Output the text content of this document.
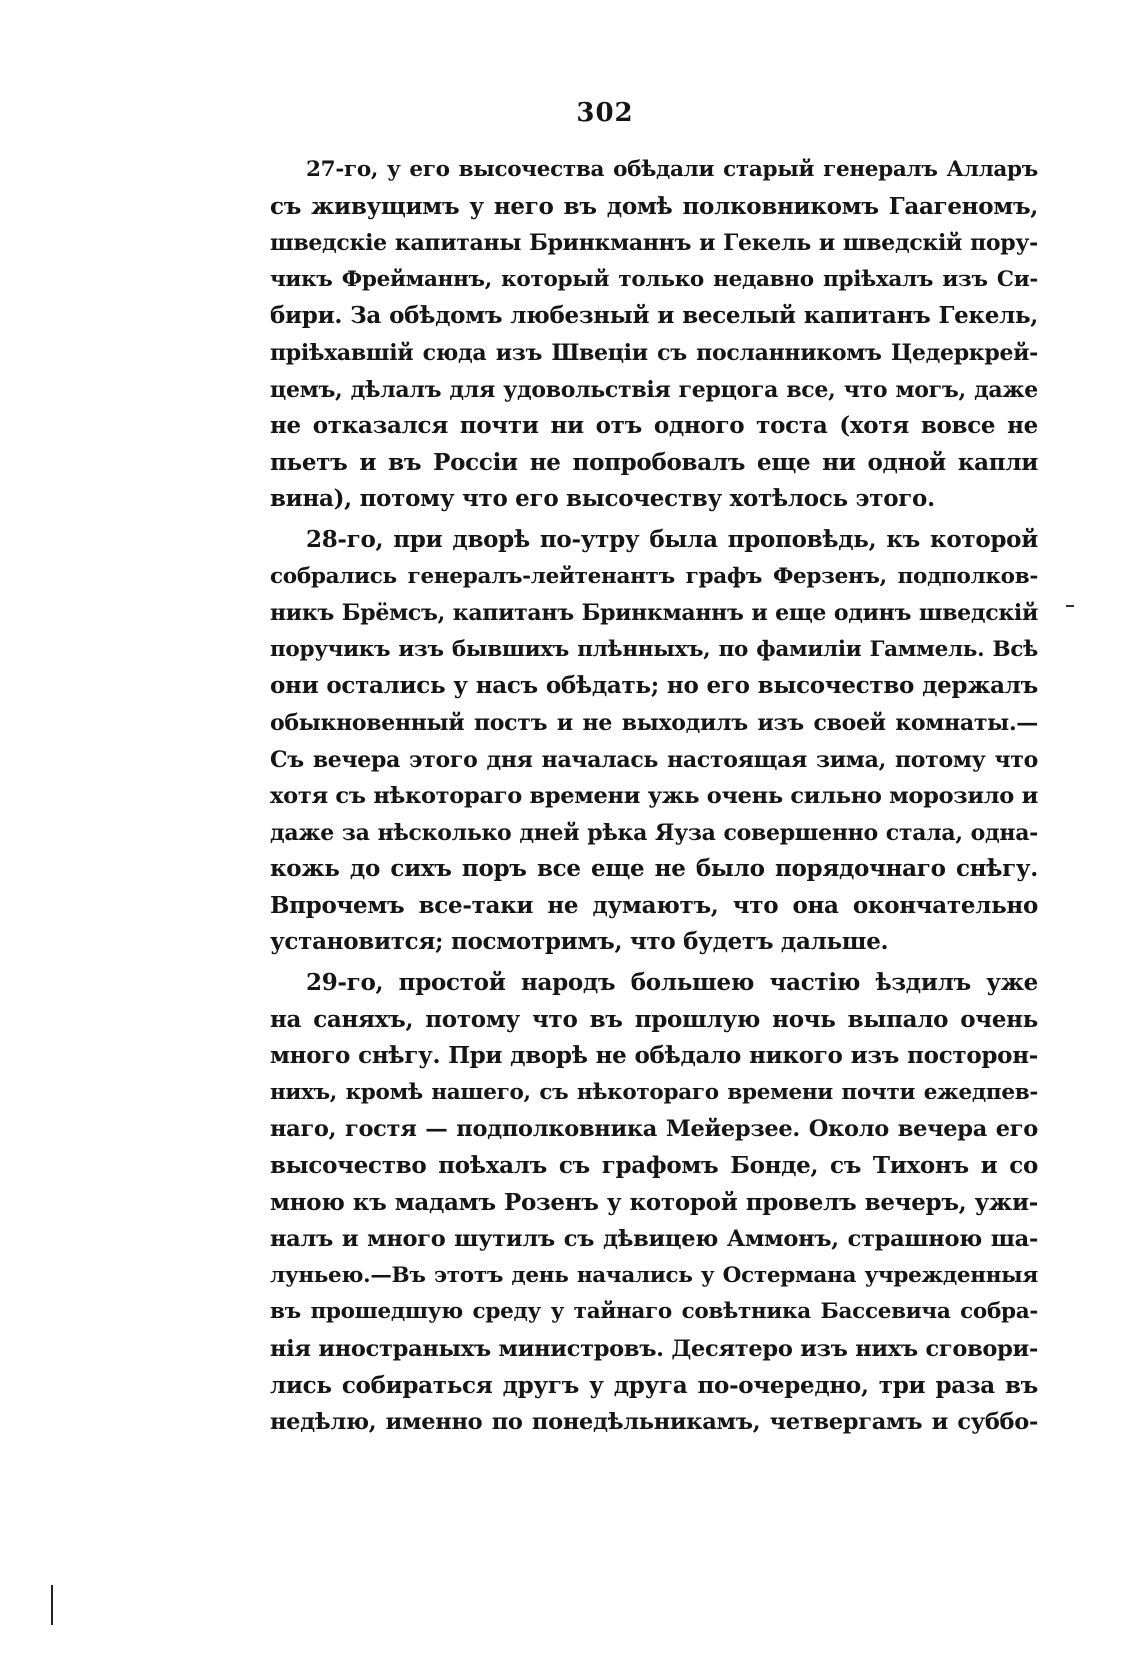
302
27-го, у его высочества обѣдали старый генералъ Алларъ
съ живущимъ у него въ домѣ полковникомъ Гаагеномъ,
шведскіе капитаны Бринкманнъ и Гекель и шведскій пору-
чикъ Фрейманнъ, который только недавно пріѣхалъ изъ Си-
бири. За обѣдомъ любезный и веселый капитанъ Гекель,
пріѣхавшій сюда изъ Швеціи съ посланникомъ Цедеркрей-
цемъ, дѣлалъ для удовольствія герцога все, что могъ, даже
не отказался почти ни отъ одного тоста (хотя вовсе не
пьетъ и въ Россіи не попробовалъ еще ни одной капли
вина), потому что его высочеству хотѣлось этого.
28-го, при дворѣ по-утру была проповѣдь, къ которой
собрались генералъ-лейтенантъ графъ Ферзенъ, подполков-
никъ Брёмсъ, капитанъ Бринкманнъ и еще одинъ шведскій
поручикъ изъ бывшихъ плѣнныхъ, по фамиліи Гаммель. Всѣ
они остались у насъ обѣдать; но его высочество держалъ
обыкновенный постъ и не выходилъ изъ своей комнаты.—
Съ вечера этого дня началась настоящая зима, потому что
хотя съ нѣкотораго времени ужь очень сильно морозило и
даже за нѣсколько дней рѣка Яуза совершенно стала, одна-
кожь до сихъ поръ все еще не было порядочнаго снѣгу.
Впрочемъ все-таки не думаютъ, что она окончательно
установится; посмотримъ, что будетъ дальше.
29-го, простой народъ большею частію ѣздилъ уже
на саняхъ, потому что въ прошлую ночь выпало очень
много снѣгу. При дворѣ не обѣдало никого изъ посторон-
нихъ, кромѣ нашего, съ нѣкотораго времени почти ежедпев-
наго, гостя — подполковника Мейерзее. Около вечера его
высочество поѣхалъ съ графомъ Бонде, съ Тихонъ и со
мною къ мадамъ Розенъ у которой провелъ вечеръ, ужи-
налъ и много шутилъ съ дѣвицею Аммонъ, страшною ша-
луньею.—Въ этотъ день начались у Остермана учрежденныя
въ прошедшую среду у тайнаго совѣтника Бассевича собра-
нія иностраныхъ министровъ. Десятеро изъ нихъ сговори-
лись собираться другъ у друга по-очередно, три раза въ
недѣлю, именно по понедѣльникамъ, четвергамъ и суббо-
